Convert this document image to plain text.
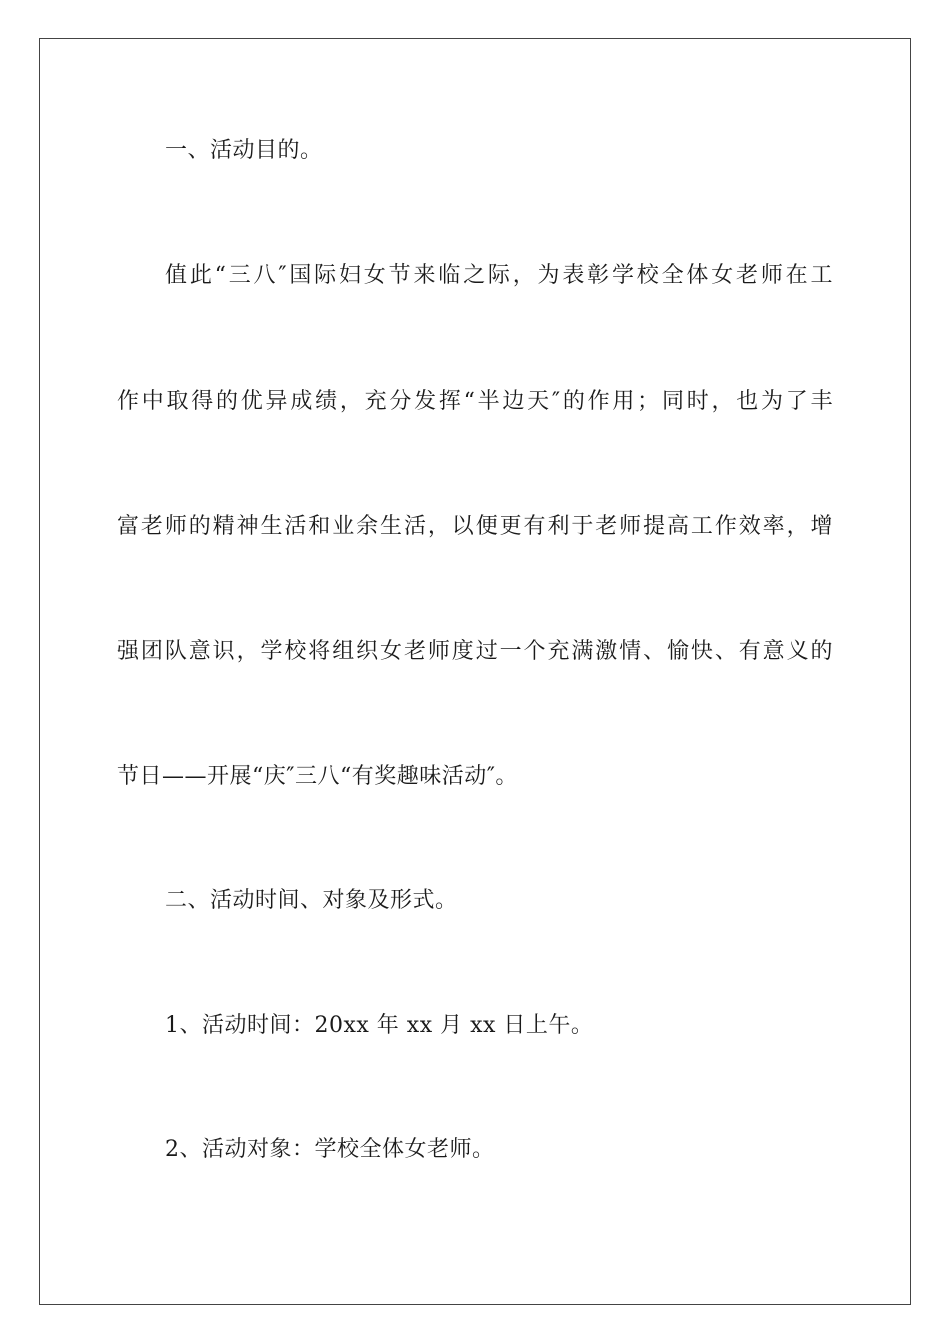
一、活动目的。
值此“三八″国际妇女节来临之际，为表彰学校全体女老师在工
作中取得的优异成绩，充分发挥“半边天″的作用；同时，也为了丰
富老师的精神生活和业余生活，以便更有利于老师提高工作效率，增
强团队意识，学校将组织女老师度过一个充满激情、愉快、有意义的
节日——开展“庆″三八“有奖趣味活动″。
二、活动时间、对象及形式。
1、活动时间：20xx 年 xx 月 xx 日上午。
2、活动对象：学校全体女老师。
